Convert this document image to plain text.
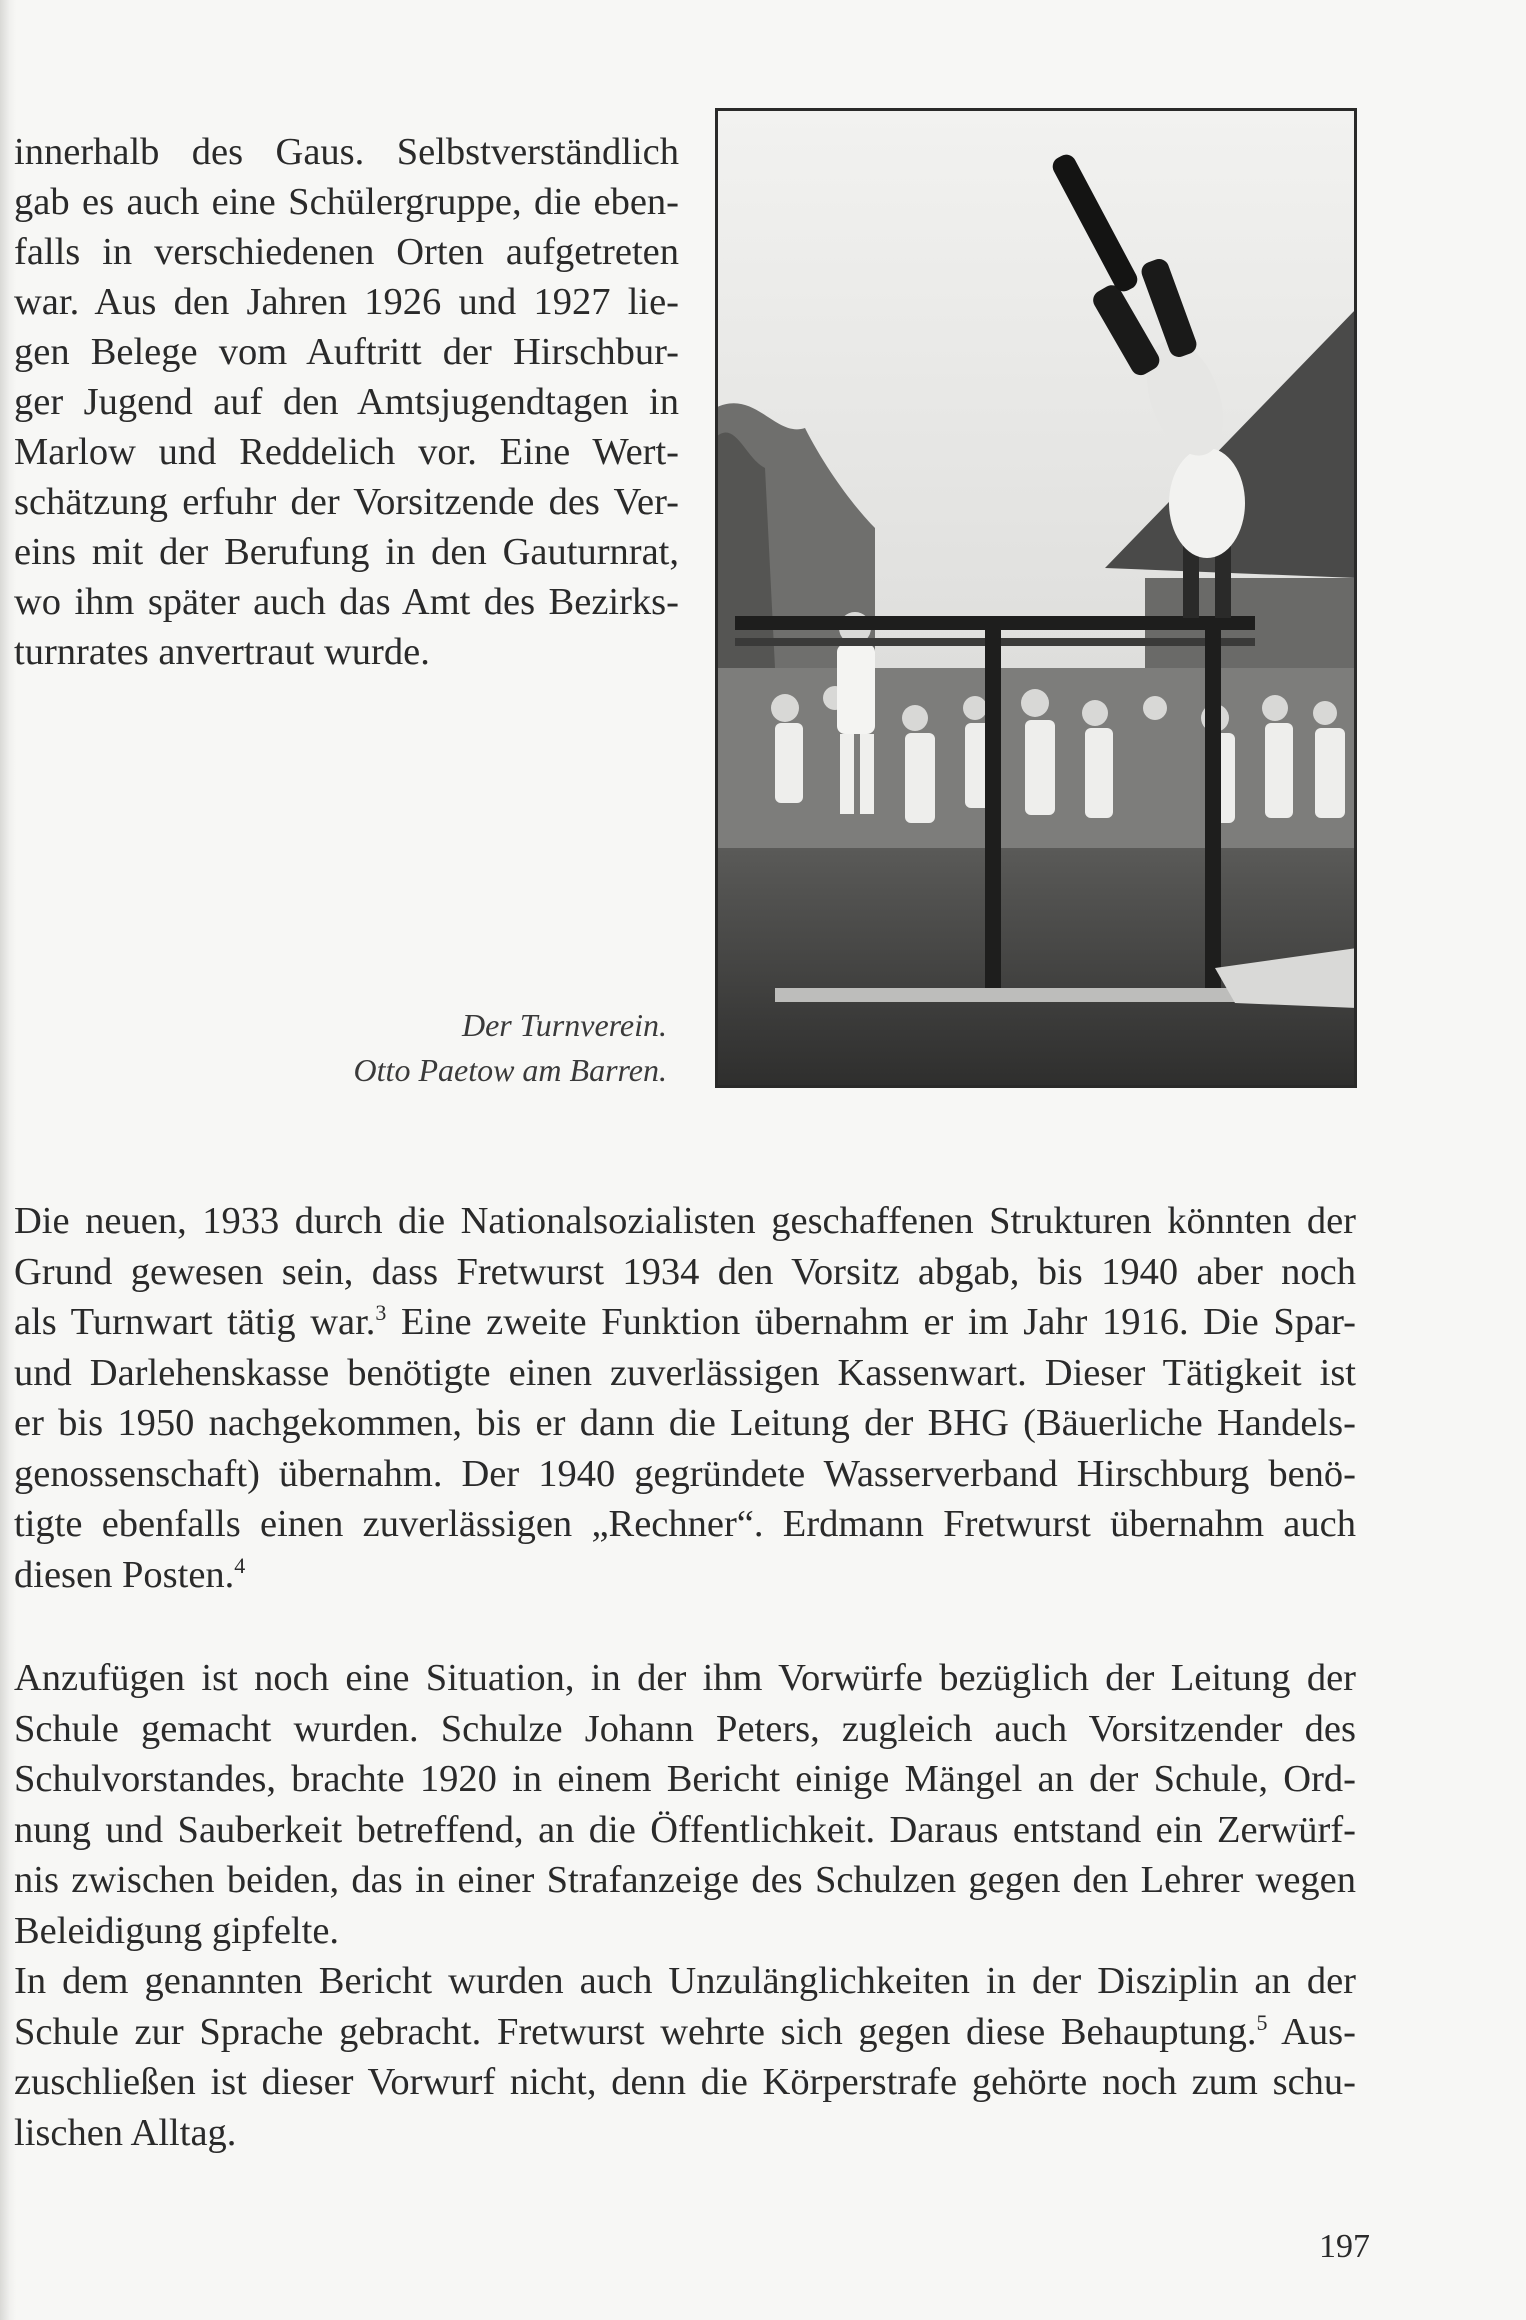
innerhalb des Gaus. Selbstverständlich
gab es auch eine Schülergruppe, die eben-
falls in verschiedenen Orten aufgetreten
war. Aus den Jahren 1926 und 1927 lie-
gen Belege vom Auftritt der Hirschbur-
ger Jugend auf den Amtsjugendtagen in
Marlow und Reddelich vor. Eine Wert-
schätzung erfuhr der Vorsitzende des Ver-
eins mit der Berufung in den Gauturnrat,
wo ihm später auch das Amt des Bezirks-
turnrates anvertraut wurde.
Der Turnverein.
Otto Paetow am Barren.
Die neuen, 1933 durch die Nationalsozialisten geschaffenen Strukturen könnten der
Grund gewesen sein, dass Fretwurst 1934 den Vorsitz abgab, bis 1940 aber noch
als Turnwart tätig war.$^3$ Eine zweite Funktion übernahm er im Jahr 1916. Die Spar-
und Darlehenskasse benötigte einen zuverlässigen Kassenwart. Dieser Tätigkeit ist
er bis 1950 nachgekommen, bis er dann die Leitung der BHG (Bäuerliche Handels-
genossenschaft) übernahm. Der 1940 gegründete Wasserverband Hirschburg benö-
tigte ebenfalls einen zuverlässigen „Rechner“. Erdmann Fretwurst übernahm auch
diesen Posten.$^4$
Anzufügen ist noch eine Situation, in der ihm Vorwürfe bezüglich der Leitung der
Schule gemacht wurden. Schulze Johann Peters, zugleich auch Vorsitzender des
Schulvorstandes, brachte 1920 in einem Bericht einige Mängel an der Schule, Ord-
nung und Sauberkeit betreffend, an die Öffentlichkeit. Daraus entstand ein Zerwürf-
nis zwischen beiden, das in einer Strafanzeige des Schulzen gegen den Lehrer wegen
Beleidigung gipfelte.
In dem genannten Bericht wurden auch Unzulänglichkeiten in der Disziplin an der
Schule zur Sprache gebracht. Fretwurst wehrte sich gegen diese Behauptung.$^5$ Aus-
zuschließen ist dieser Vorwurf nicht, denn die Körperstrafe gehörte noch zum schu-
lischen Alltag.
197
